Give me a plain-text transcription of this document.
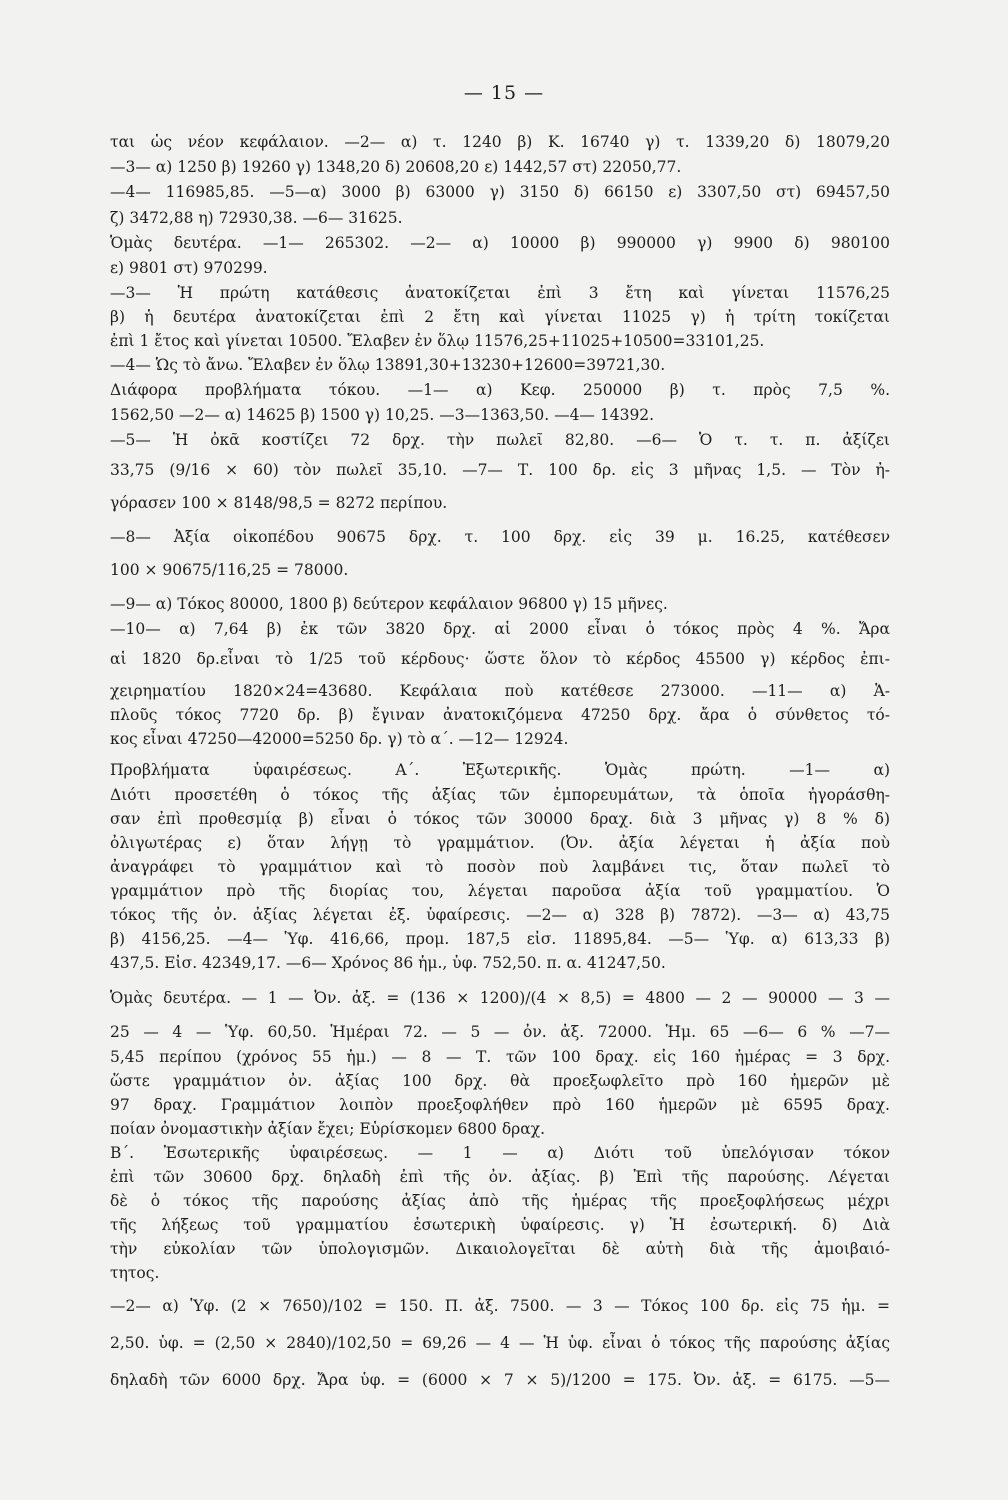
— 15 —
ται ὡς νέον κεφάλαιον. —2— α) τ. 1240 β) Κ. 16740 γ) τ. 1339,20 δ) 18079,20
—3— α) 1250 β) 19260 γ) 1348,20 δ) 20608,20 ε) 1442,57 στ) 22050,77.
—4— 116985,85. —5—α) 3000 β) 63000 γ) 3150 δ) 66150 ε) 3307,50 στ) 69457,50
ζ) 3472,88 η) 72930,38. —6— 31625.
Ὁμὰς δευτέρα. —1— 265302. —2— α) 10000 β) 990000 γ) 9900 δ) 980100
ε) 9801 στ) 970299.
—3— Ἡ πρώτη κατάθεσις ἀνατοκίζεται ἐπὶ 3 ἔτη καὶ γίνεται 11576,25
β) ἡ δευτέρα ἀνατοκίζεται ἐπὶ 2 ἔτη καὶ γίνεται 11025 γ) ἡ τρίτη τοκίζεται
ἐπὶ 1 ἔτος καὶ γίνεται 10500. Ἔλαβεν ἐν ὅλῳ 11576,25+11025+10500=33101,25.
—4— Ὡς τὸ ἄνω. Ἔλαβεν ἐν ὅλῳ 13891,30+13230+12600=39721,30.
Διάφορα προβλήματα τόκου. —1— α) Κεφ. 250000 β) τ. πρὸς 7,5 %.
1562,50 —2— α) 14625 β) 1500 γ) 10,25. —3—1363,50. —4— 14392.
—5— Ἡ ὀκᾶ κοστίζει 72 δρχ. τὴν πωλεῖ 82,80. —6— Ὁ τ. τ. π. ἀξίζει
33,75 (9/16 × 60) τὸν πωλεῖ 35,10. —7— Τ. 100 δρ. εἰς 3 μῆνας 1,5. — Τὸν ἠ-
γόρασεν 100 × 8148/98,5 = 8272 περίπου.
—8— Ἀξία οἰκοπέδου 90675 δρχ. τ. 100 δρχ. εἰς 39 μ. 16.25, κατέθεσεν
100 × 90675/116,25 = 78000.
—9— α) Τόκος 80000, 1800 β) δεύτερον κεφάλαιον 96800 γ) 15 μῆνες.
—10— α) 7,64 β) ἐκ τῶν 3820 δρχ. αἱ 2000 εἶναι ὁ τόκος πρὸς 4 %. Ἄρα
αἱ 1820 δρ.εἶναι τὸ 1/25 τοῦ κέρδους· ὥστε ὅλον τὸ κέρδος 45500 γ) κέρδος ἐπι-
χειρηματίου 1820×24=43680. Κεφάλαια ποὺ κατέθεσε 273000. —11— α) Ἁ-
πλοῦς τόκος 7720 δρ. β) ἔγιναν ἀνατοκιζόμενα 47250 δρχ. ἄρα ὁ σύνθετος τό-
κος εἶναι 47250—42000=5250 δρ. γ) τὸ α΄. —12— 12924.
Προβλήματα ὑφαιρέσεως. Α΄. Ἐξωτερικῆς. Ὁμὰς πρώτη. —1— α)
Διότι προσετέθη ὁ τόκος τῆς ἀξίας τῶν ἐμπορευμάτων, τὰ ὁποῖα ἠγοράσθη-
σαν ἐπὶ προθεσμίᾳ β) εἶναι ὁ τόκος τῶν 30000 δραχ. διὰ 3 μῆνας γ) 8 % δ)
ὀλιγωτέρας ε) ὅταν λήγῃ τὸ γραμμάτιον. (Ὀν. ἀξία λέγεται ἡ ἀξία ποὺ
ἀναγράφει τὸ γραμμάτιον καὶ τὸ ποσὸν ποὺ λαμβάνει τις, ὅταν πωλεῖ τὸ
γραμμάτιον πρὸ τῆς διορίας του, λέγεται παροῦσα ἀξία τοῦ γραμματίου. Ὁ
τόκος τῆς ὀν. ἀξίας λέγεται ἐξ. ὑφαίρεσις. —2— α) 328 β) 7872). —3— α) 43,75
β) 4156,25. —4— Ὑφ. 416,66, προμ. 187,5 εἰσ. 11895,84. —5— Ὑφ. α) 613,33 β)
437,5. Εἰσ. 42349,17. —6— Χρόνος 86 ἡμ., ὑφ. 752,50. π. α. 41247,50.
Ὁμὰς δευτέρα. — 1 — Ὀν. ἀξ. = (136 × 1200)/(4 × 8,5) = 4800 — 2 — 90000 — 3 —
25 — 4 — Ὑφ. 60,50. Ἡμέραι 72. — 5 — ὀν. ἀξ. 72000. Ἡμ. 65 —6— 6 % —7—
5,45 περίπου (χρόνος 55 ἡμ.) — 8 — Τ. τῶν 100 δραχ. εἰς 160 ἡμέρας = 3 δρχ.
ὥστε γραμμάτιον ὀν. ἀξίας 100 δρχ. θὰ προεξωφλεῖτο πρὸ 160 ἡμερῶν μὲ
97 δραχ. Γραμμάτιον λοιπὸν προεξοφλήθεν πρὸ 160 ἡμερῶν μὲ 6595 δραχ.
ποίαν ὀνομαστικὴν ἀξίαν ἔχει; Εὑρίσκομεν 6800 δραχ.
Β΄. Ἐσωτερικῆς ὑφαιρέσεως. — 1 — α) Διότι τοῦ ὑπελόγισαν τόκον
ἐπὶ τῶν 30600 δρχ. δηλαδὴ ἐπὶ τῆς ὀν. ἀξίας. β) Ἐπὶ τῆς παρούσης. Λέγεται
δὲ ὁ τόκος τῆς παρούσης ἀξίας ἀπὸ τῆς ἡμέρας τῆς προεξοφλήσεως μέχρι
τῆς λήξεως τοῦ γραμματίου ἐσωτερικὴ ὑφαίρεσις. γ) Ἡ ἐσωτερική. δ) Διὰ
τὴν εὐκολίαν τῶν ὑπολογισμῶν. Δικαιολογεῖται δὲ αὐτὴ διὰ τῆς ἀμοιβαιό-
τητος.
—2— α) Ὑφ. (2 × 7650)/102 = 150. Π. ἀξ. 7500. — 3 — Τόκος 100 δρ. εἰς 75 ἡμ. =
2,50. ὑφ. = (2,50 × 2840)/102,50 = 69,26 — 4 — Ἡ ὑφ. εἶναι ὁ τόκος τῆς παρούσης ἀξίας
δηλαδὴ τῶν 6000 δρχ. Ἄρα ὑφ. = (6000 × 7 × 5)/1200 = 175. Ὀν. ἀξ. = 6175. —5—
